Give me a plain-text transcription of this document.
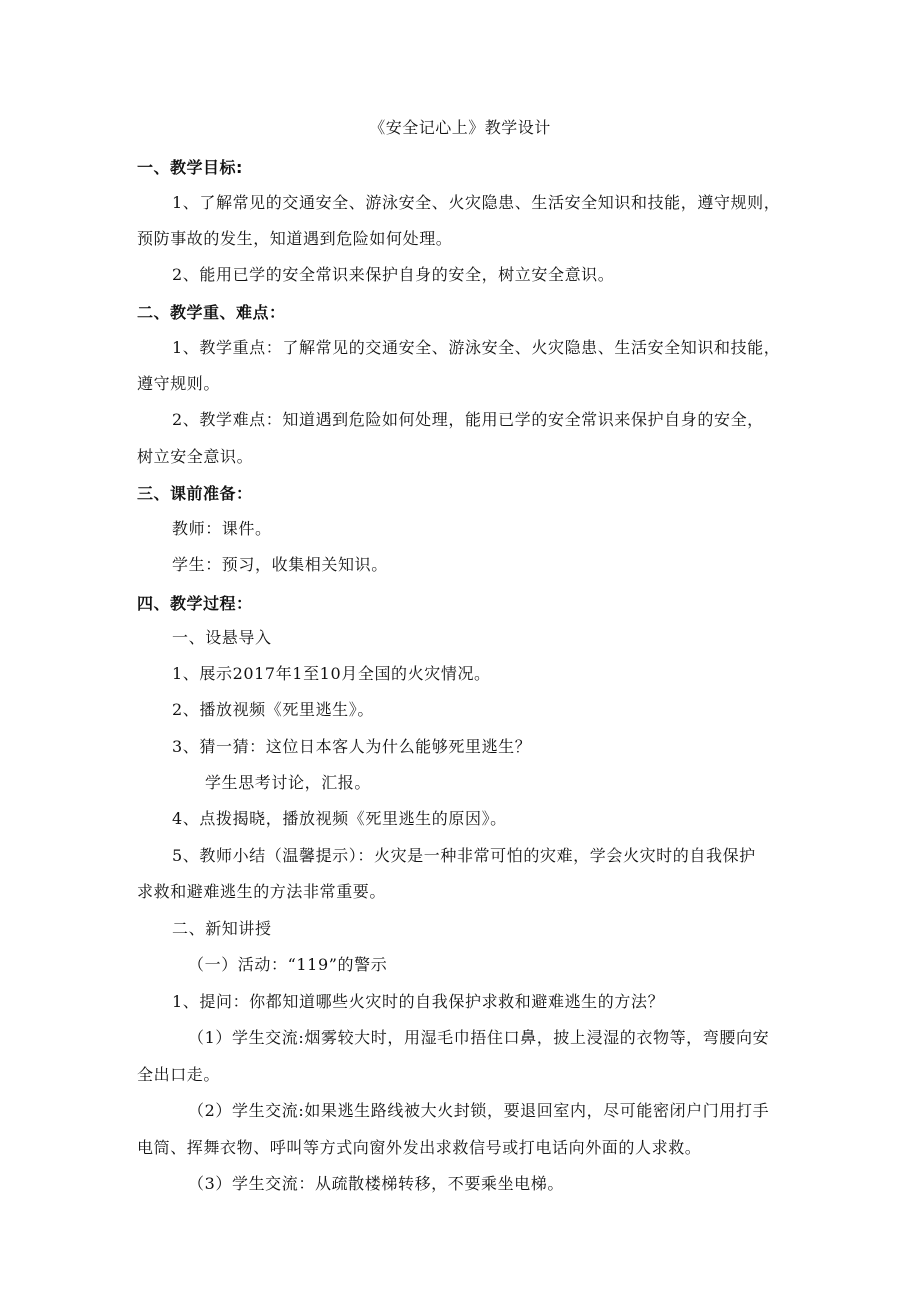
《安全记心上》教学设计
一、教学目标:
1、了解常见的交通安全、游泳安全、火灾隐患、生活安全知识和技能，遵守规则，
预防事故的发生，知道遇到危险如何处理。
2、能用已学的安全常识来保护自身的安全，树立安全意识。
二、教学重、难点：
1、教学重点：了解常见的交通安全、游泳安全、火灾隐患、生活安全知识和技能，
遵守规则。
2、教学难点：知道遇到危险如何处理，能用已学的安全常识来保护自身的安全，
树立安全意识。
三、课前准备：
教师：课件。
学生：预习，收集相关知识。
四、教学过程：
一、设悬导入
1、展示2017年1至10月全国的火灾情况。
2、播放视频《死里逃生》。
3、猜一猜：这位日本客人为什么能够死里逃生？
学生思考讨论，汇报。
4、点拨揭晓，播放视频《死里逃生的原因》。
5、教师小结（温馨提示）：火灾是一种非常可怕的灾难，学会火灾时的自我保护
求救和避难逃生的方法非常重要。
二、新知讲授
（一）活动：“119”的警示
1、提问：你都知道哪些火灾时的自我保护求救和避难逃生的方法？
（1）学生交流:烟雾较大时，用湿毛巾捂住口鼻，披上浸湿的衣物等，弯腰向安
全出口走。
（2）学生交流:如果逃生路线被大火封锁，要退回室内，尽可能密闭户门用打手
电筒、挥舞衣物、呼叫等方式向窗外发出求救信号或打电话向外面的人求救。
（3）学生交流：从疏散楼梯转移，不要乘坐电梯。
